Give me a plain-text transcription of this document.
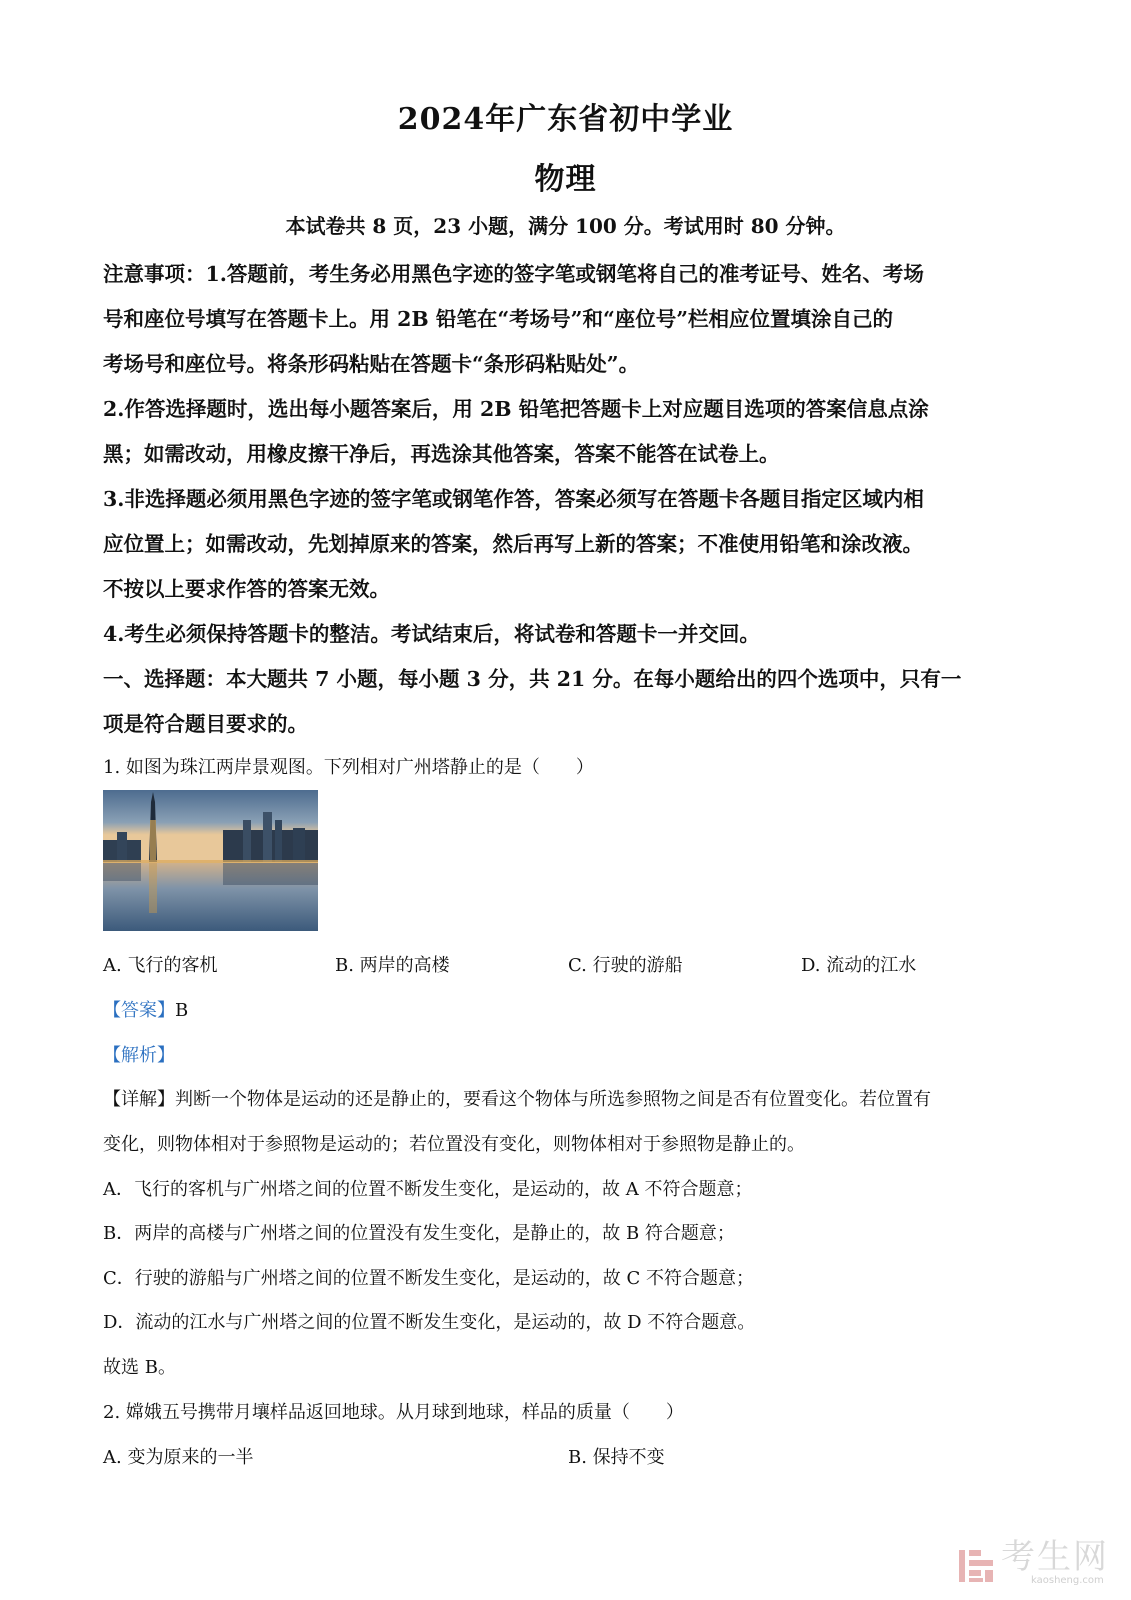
2024年广东省初中学业
物理
本试卷共 8 页，23 小题，满分 100 分。考试用时 80 分钟。
注意事项：1.答题前，考生务必用黑色字迹的签字笔或钢笔将自己的准考证号、姓名、考场
号和座位号填写在答题卡上。用 2B 铅笔在“考场号”和“座位号”栏相应位置填涂自己的
考场号和座位号。将条形码粘贴在答题卡“条形码粘贴处”。
2.作答选择题时，选出每小题答案后，用 2B 铅笔把答题卡上对应题目选项的答案信息点涂
黑；如需改动，用橡皮擦干净后，再选涂其他答案，答案不能答在试卷上。
3.非选择题必须用黑色字迹的签字笔或钢笔作答，答案必须写在答题卡各题目指定区域内相
应位置上；如需改动，先划掉原来的答案，然后再写上新的答案；不准使用铅笔和涂改液。
不按以上要求作答的答案无效。
4.考生必须保持答题卡的整洁。考试结束后，将试卷和答题卡一并交回。
一、选择题：本大题共 7 小题，每小题 3 分，共 21 分。在每小题给出的四个选项中，只有一
项是符合题目要求的。
1. 如图为珠江两岸景观图。下列相对广州塔静止的是（　　）
A. 飞行的客机	B. 两岸的高楼	C. 行驶的游船	D. 流动的江水
【答案】B
【解析】
【详解】判断一个物体是运动的还是静止的，要看这个物体与所选参照物之间是否有位置变化。若位置有
变化，则物体相对于参照物是运动的；若位置没有变化，则物体相对于参照物是静止的。
A．飞行的客机与广州塔之间的位置不断发生变化，是运动的，故 A 不符合题意；
B．两岸的高楼与广州塔之间的位置没有发生变化，是静止的，故 B 符合题意；
C．行驶的游船与广州塔之间的位置不断发生变化，是运动的，故 C 不符合题意；
D．流动的江水与广州塔之间的位置不断发生变化，是运动的，故 D 不符合题意。
故选 B。
2. 嫦娥五号携带月壤样品返回地球。从月球到地球，样品的质量（　　）
A. 变为原来的一半	B. 保持不变
考生网
kaosheng.com
